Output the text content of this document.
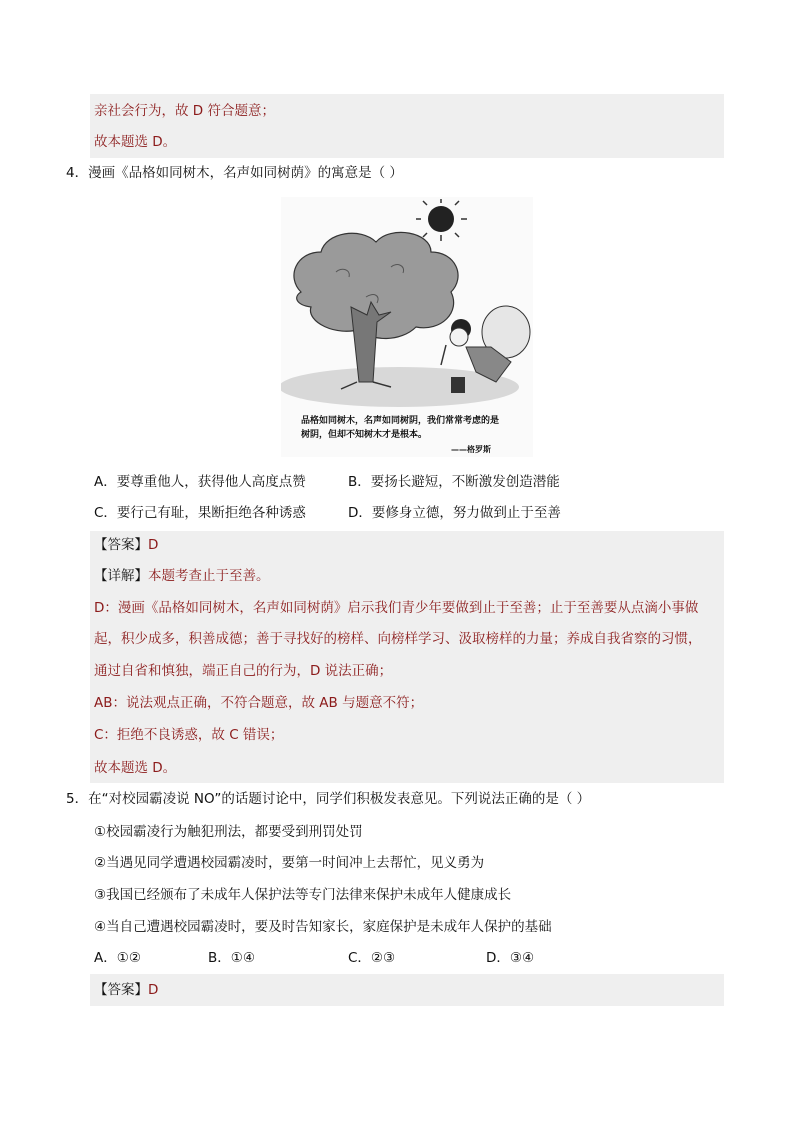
亲社会行为，故 D 符合题意；
故本题选 D。
4．漫画《品格如同树木，名声如同树荫》的寓意是（ ）
品格如同树木，名声如同树阴，我们常常考虑的是
树阴，但却不知树木才是根本。
——格罗斯
A．要尊重他人，获得他人高度点赞	B．要扬长避短，不断激发创造潜能
C．要行己有耻，果断拒绝各种诱惑	D．要修身立德，努力做到止于至善
【答案】D
【详解】本题考查止于至善。
D：漫画《品格如同树木，名声如同树荫》启示我们青少年要做到止于至善；止于至善要从点滴小事做
起，积少成多，积善成德；善于寻找好的榜样、向榜样学习、汲取榜样的力量；养成自我省察的习惯，
通过自省和慎独，端正自己的行为，D 说法正确；
AB：说法观点正确，不符合题意，故 AB 与题意不符；
C：拒绝不良诱惑，故 C 错误；
故本题选 D。
5．在“对校园霸凌说 NO”的话题讨论中，同学们积极发表意见。下列说法正确的是（ ）
①校园霸凌行为触犯刑法，都要受到刑罚处罚
②当遇见同学遭遇校园霸凌时，要第一时间冲上去帮忙，见义勇为
③我国已经颁布了未成年人保护法等专门法律来保护未成年人健康成长
④当自己遭遇校园霸凌时，要及时告知家长，家庭保护是未成年人保护的基础
A．①②	B．①④	C．②③	D．③④
【答案】D
